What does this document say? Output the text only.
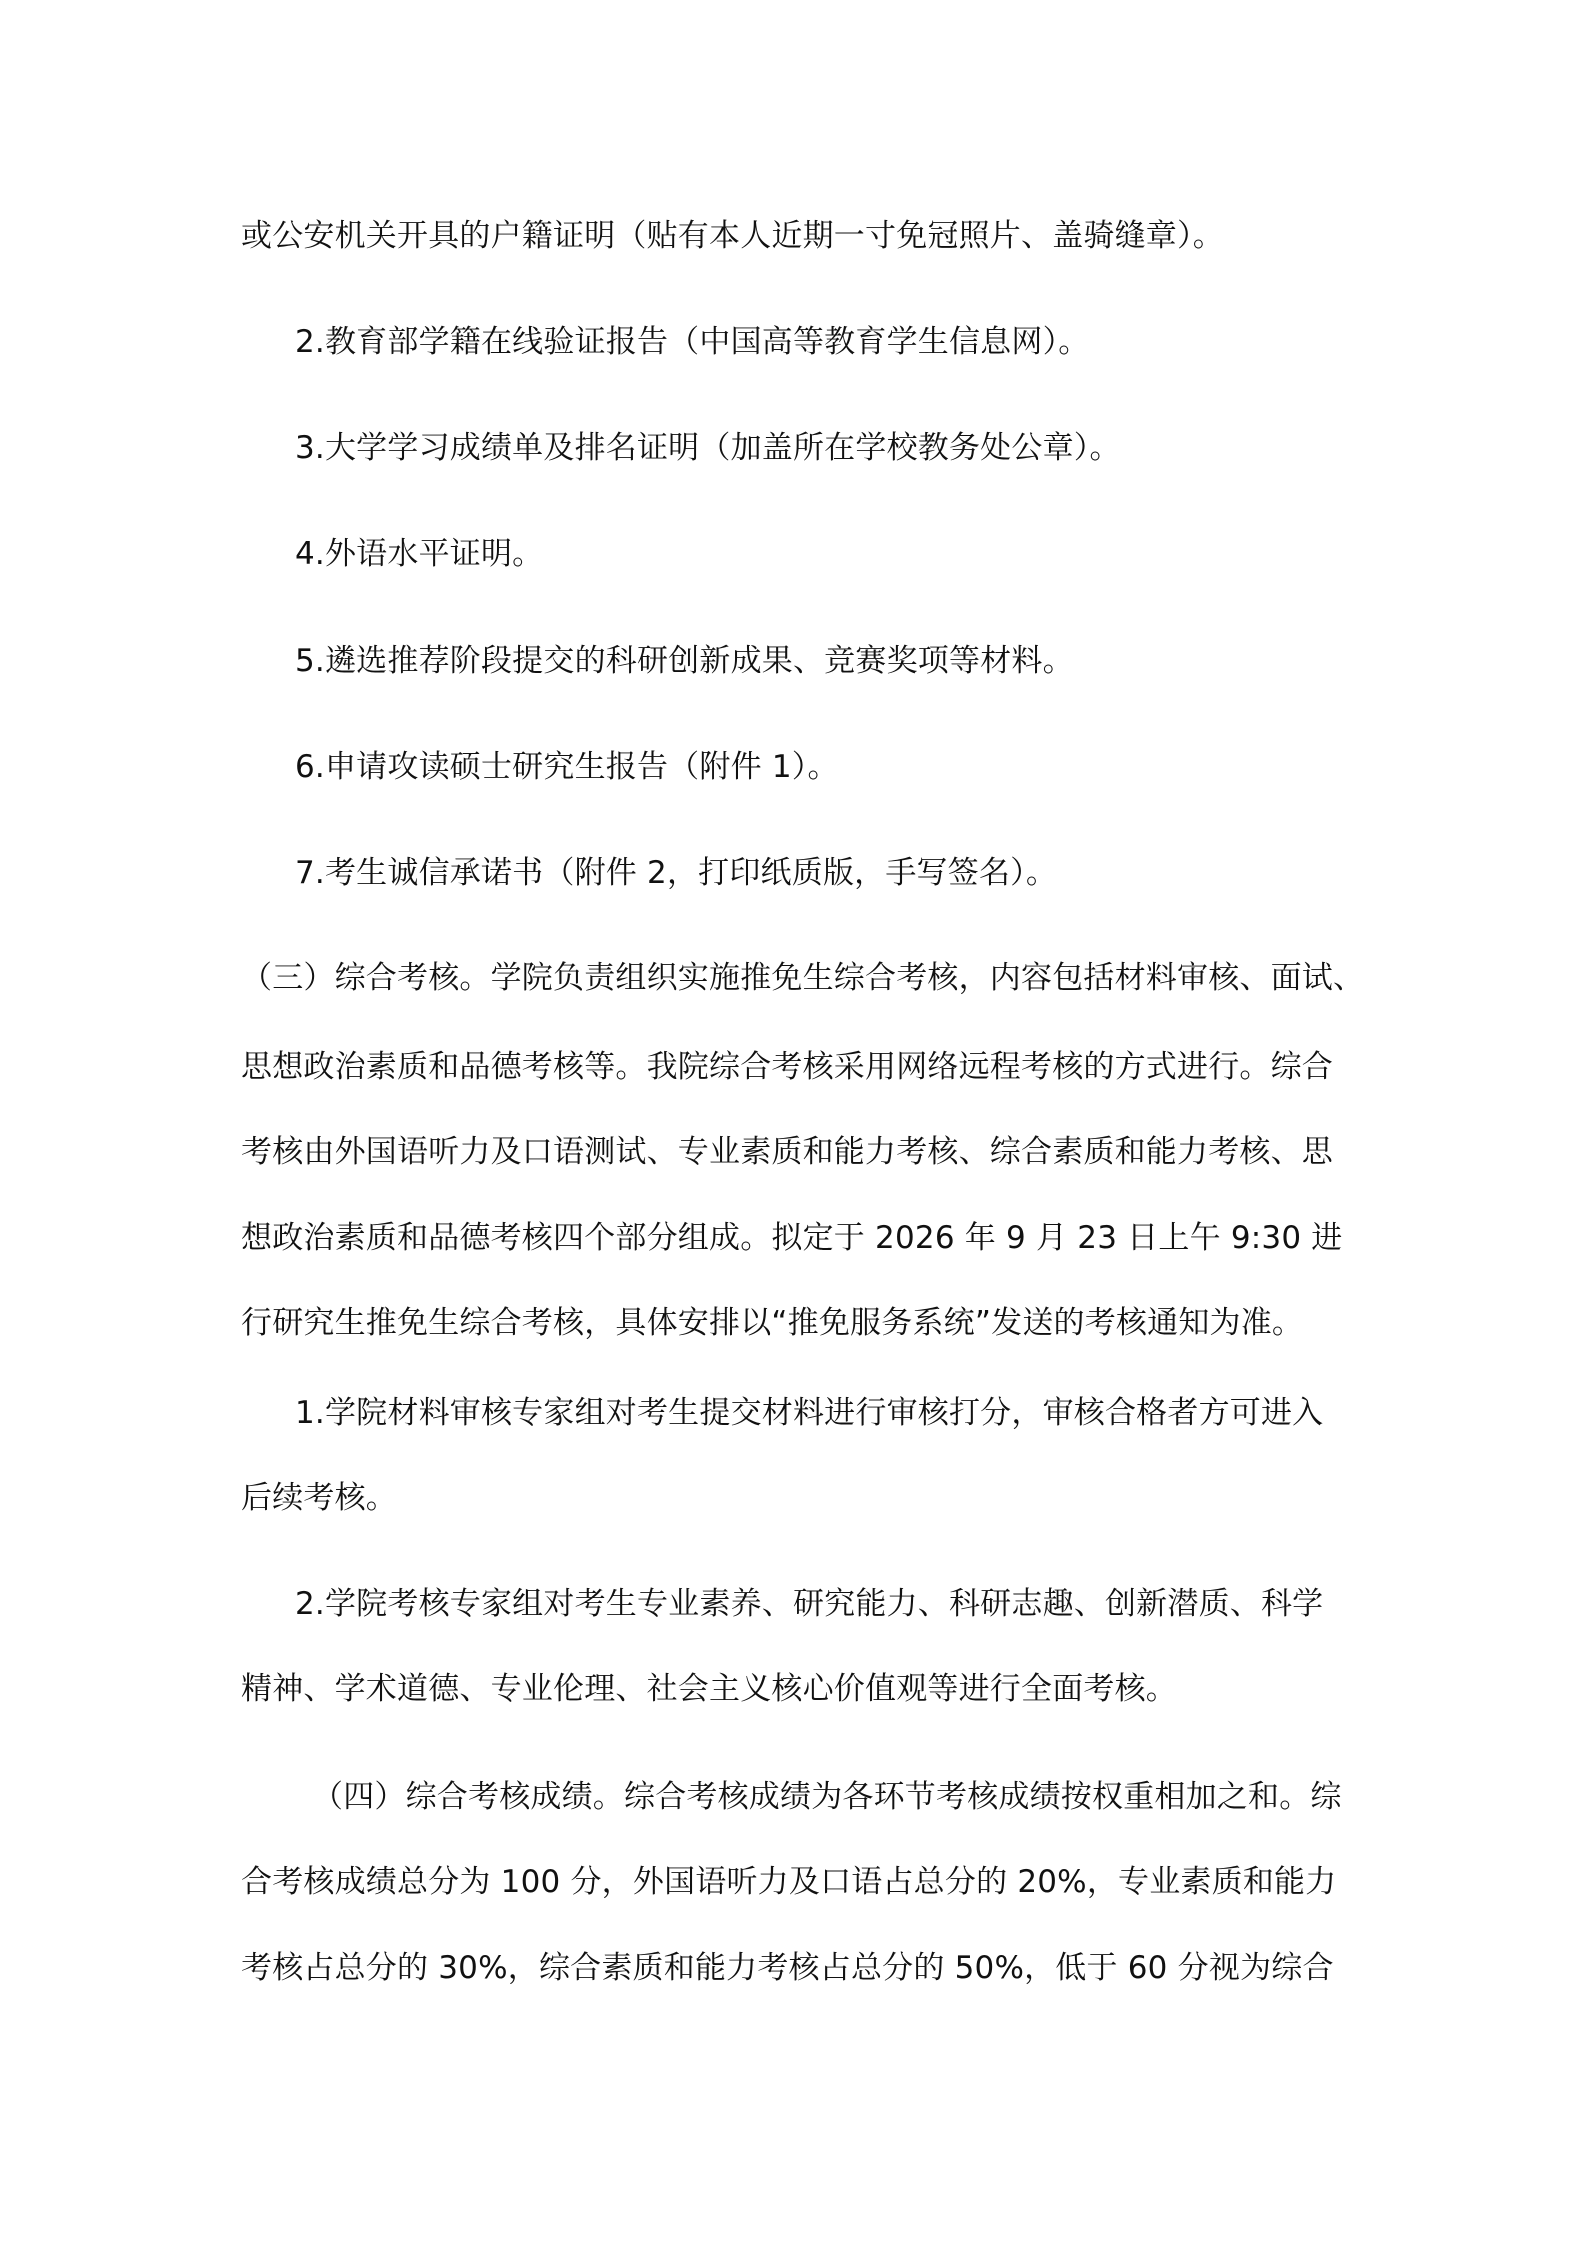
或公安机关开具的户籍证明（贴有本人近期一寸免冠照片、盖骑缝章）。
2.教育部学籍在线验证报告（中国高等教育学生信息网）。
3.大学学习成绩单及排名证明（加盖所在学校教务处公章）。
4.外语水平证明。
5.遴选推荐阶段提交的科研创新成果、竞赛奖项等材料。
6.申请攻读硕士研究生报告（附件 1）。
7.考生诚信承诺书（附件 2，打印纸质版，手写签名）。
（三）综合考核。学院负责组织实施推免生综合考核，内容包括材料审核、面试、
思想政治素质和品德考核等。我院综合考核采用网络远程考核的方式进行。综合
考核由外国语听力及口语测试、专业素质和能力考核、综合素质和能力考核、思
想政治素质和品德考核四个部分组成。拟定于 2026 年 9 月 23 日上午 9:30 进
行研究生推免生综合考核，具体安排以“推免服务系统”发送的考核通知为准。
1.学院材料审核专家组对考生提交材料进行审核打分，审核合格者方可进入
后续考核。
2.学院考核专家组对考生专业素养、研究能力、科研志趣、创新潜质、科学
精神、学术道德、专业伦理、社会主义核心价值观等进行全面考核。
（四）综合考核成绩。综合考核成绩为各环节考核成绩按权重相加之和。综
合考核成绩总分为 100 分，外国语听力及口语占总分的 20%，专业素质和能力
考核占总分的 30%，综合素质和能力考核占总分的 50%，低于 60 分视为综合
